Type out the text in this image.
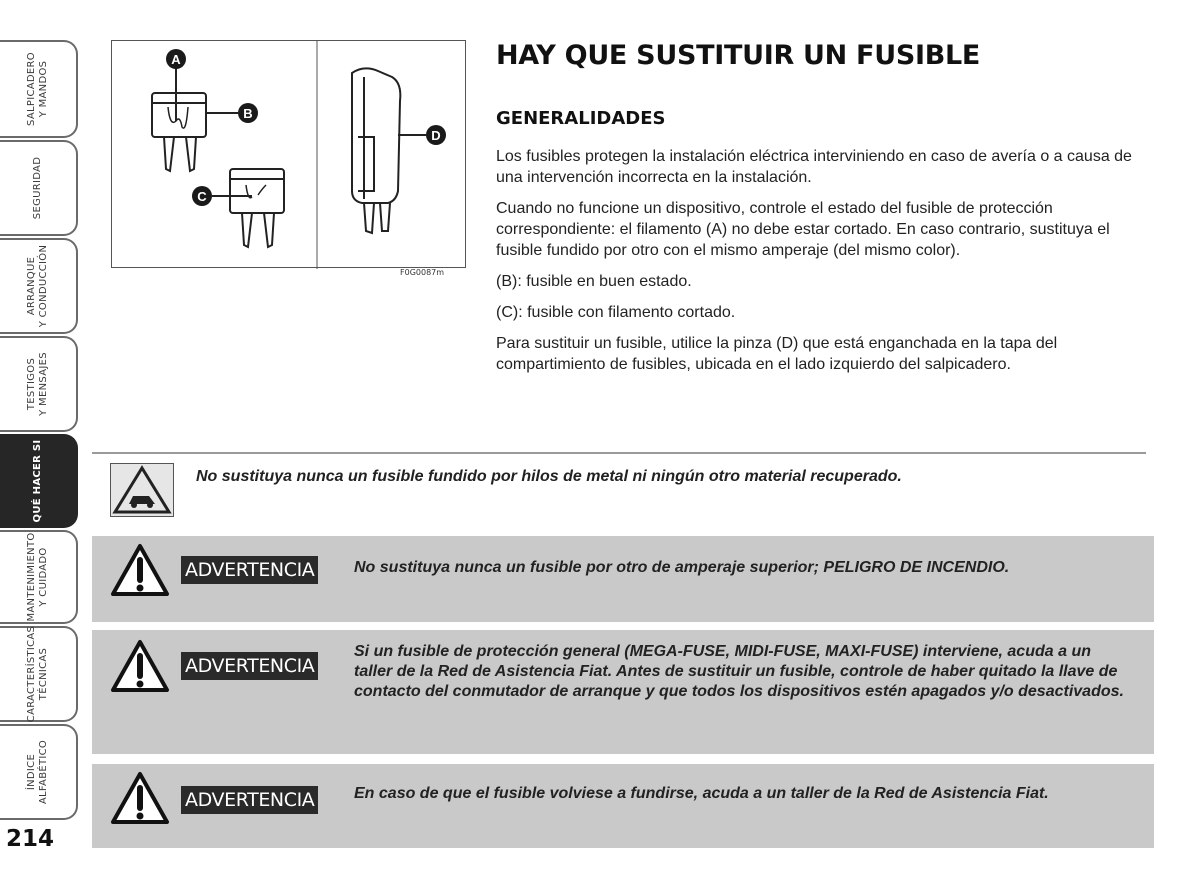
SALPICADERO
Y MANDOS
SEGURIDAD
ARRANQUE
Y CONDUCCIÓN
TESTIGOS
Y MENSAJES
QUÉ HACER SI
MANTENIMIENTO
Y CUIDADO
CARACTERÍSTICAS
TÉCNICAS
ÍNDICE
ALFABÉTICO
214
A
B
C
D
F0G0087m
HAY QUE SUSTITUIR UN FUSIBLE
GENERALIDADES

Los fusibles protegen la instalación eléctrica interviniendo en caso de avería o a causa de una intervención incorrecta en la instalación.

Cuando no funcione un dispositivo, controle el estado del fusible de protección correspondiente: el filamento (A) no debe estar cortado. En caso contrario, sustituya el fusible fundido por otro con el mismo amperaje (del mismo color).

(B): fusible en buen estado.

(C): fusible con filamento cortado.

Para sustituir un fusible, utilice la pinza (D) que está enganchada en la tapa del compartimiento de fusibles, ubicada en el lado izquierdo del salpicadero.

No sustituya nunca un fusible fundido por hilos de metal ni ningún otro material recuperado.
ADVERTENCIA No sustituya nunca un fusible por otro de amperaje superior; PELIGRO DE INCENDIO.
ADVERTENCIA
Si un fusible de protección general (MEGA-FUSE, MIDI-FUSE, MAXI-FUSE) interviene, acuda a un taller de la Red de Asistencia Fiat. Antes de sustituir un fusible, controle de haber quitado la llave de contacto del conmutador de arranque y que todos los dispositivos estén apagados y/o desactivados.
ADVERTENCIA En caso de que el fusible volviese a fundirse, acuda a un taller de la Red de Asistencia Fiat.
